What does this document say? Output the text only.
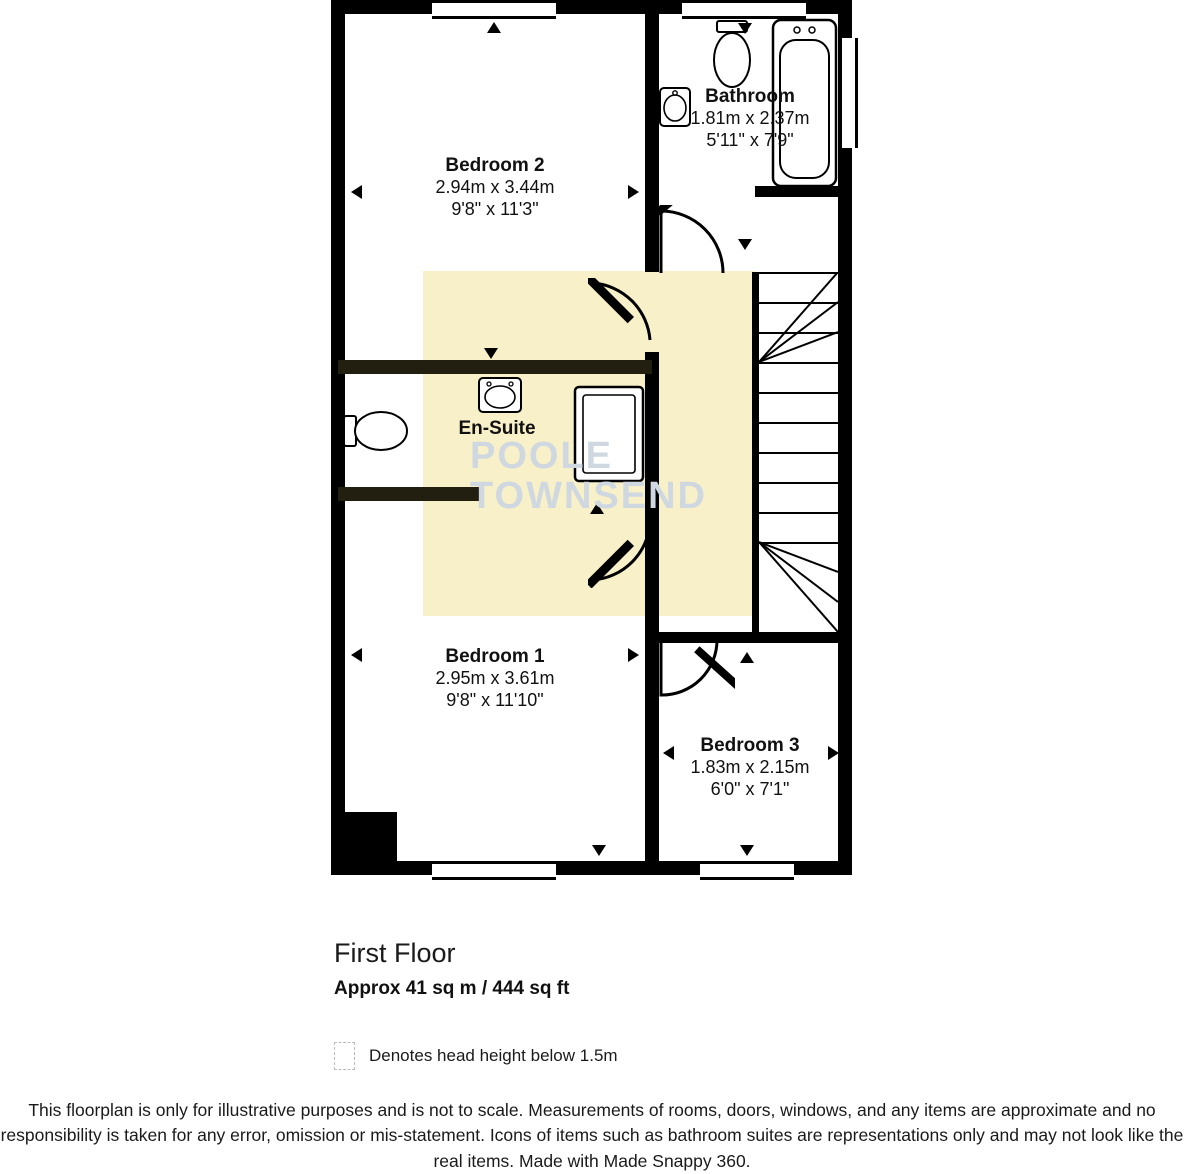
Bedroom 2
2.94m x 3.44m
9'8" x 11'3"
Bathroom
1.81m x 2.37m
5'11" x 7'9"
En-Suite
Bedroom 1
2.95m x 3.61m
9'8" x 11'10"
Bedroom 3
1.83m x 2.15m
6'0" x 7'1"
POOLE
TOWNSEND
First Floor
Approx 41 sq m / 444 sq ft
Denotes head height below 1.5m
This floorplan is only for illustrative purposes and is not to scale. Measurements of rooms, doors, windows, and any items are approximate and no responsibility is taken for any error, omission or mis-statement. Icons of items such as bathroom suites are representations only and may not look like the real items. Made with Made Snappy 360.
